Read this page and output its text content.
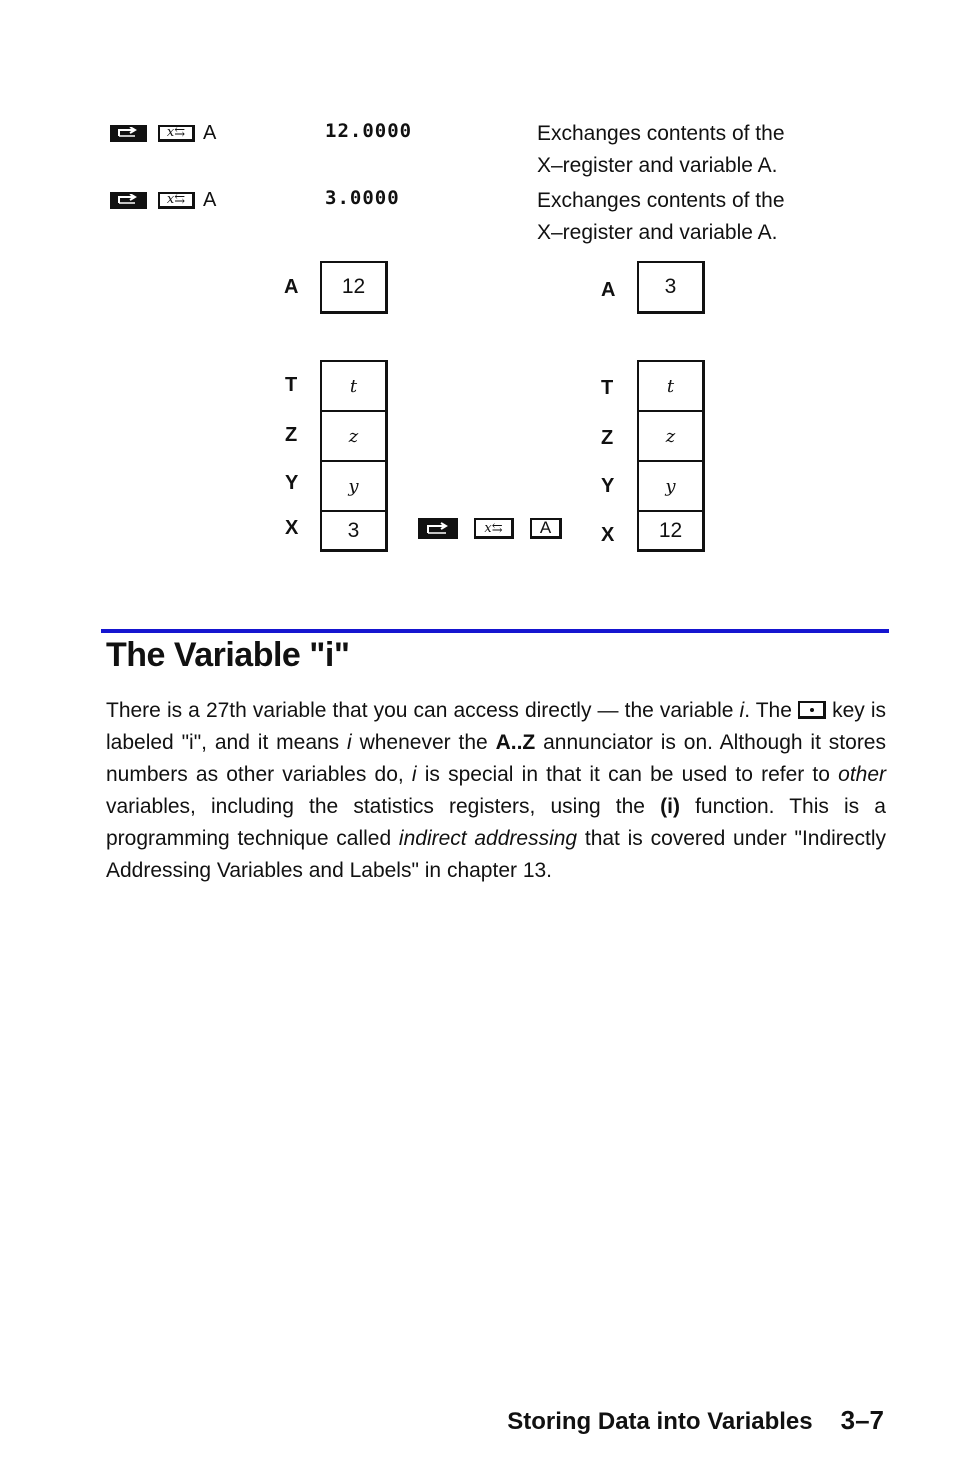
x⇆ A	12.0000	Exchanges contents of the
X–register and variable A.
x⇆ A	3.0000	Exchanges contents of the
X–register and variable A.
A	12
T
Z
Y
X
t
z
y
3	x⇆	A
A	3
T
Z
Y
X
t
z
y
12
The Variable "i"
There is a 27th variable that you can access directly — the variable i. The  key is labeled "i", and it means i whenever the A..Z annunciator is on. Although it stores numbers as other variables do, i is special in that it can be used to refer to other variables, including the statistics registers, using the (i) function. This is a programming technique called indirect addressing that is covered under "Indirectly Addressing Variables and Labels" in chapter 13.
Storing Data into Variables 3–7
